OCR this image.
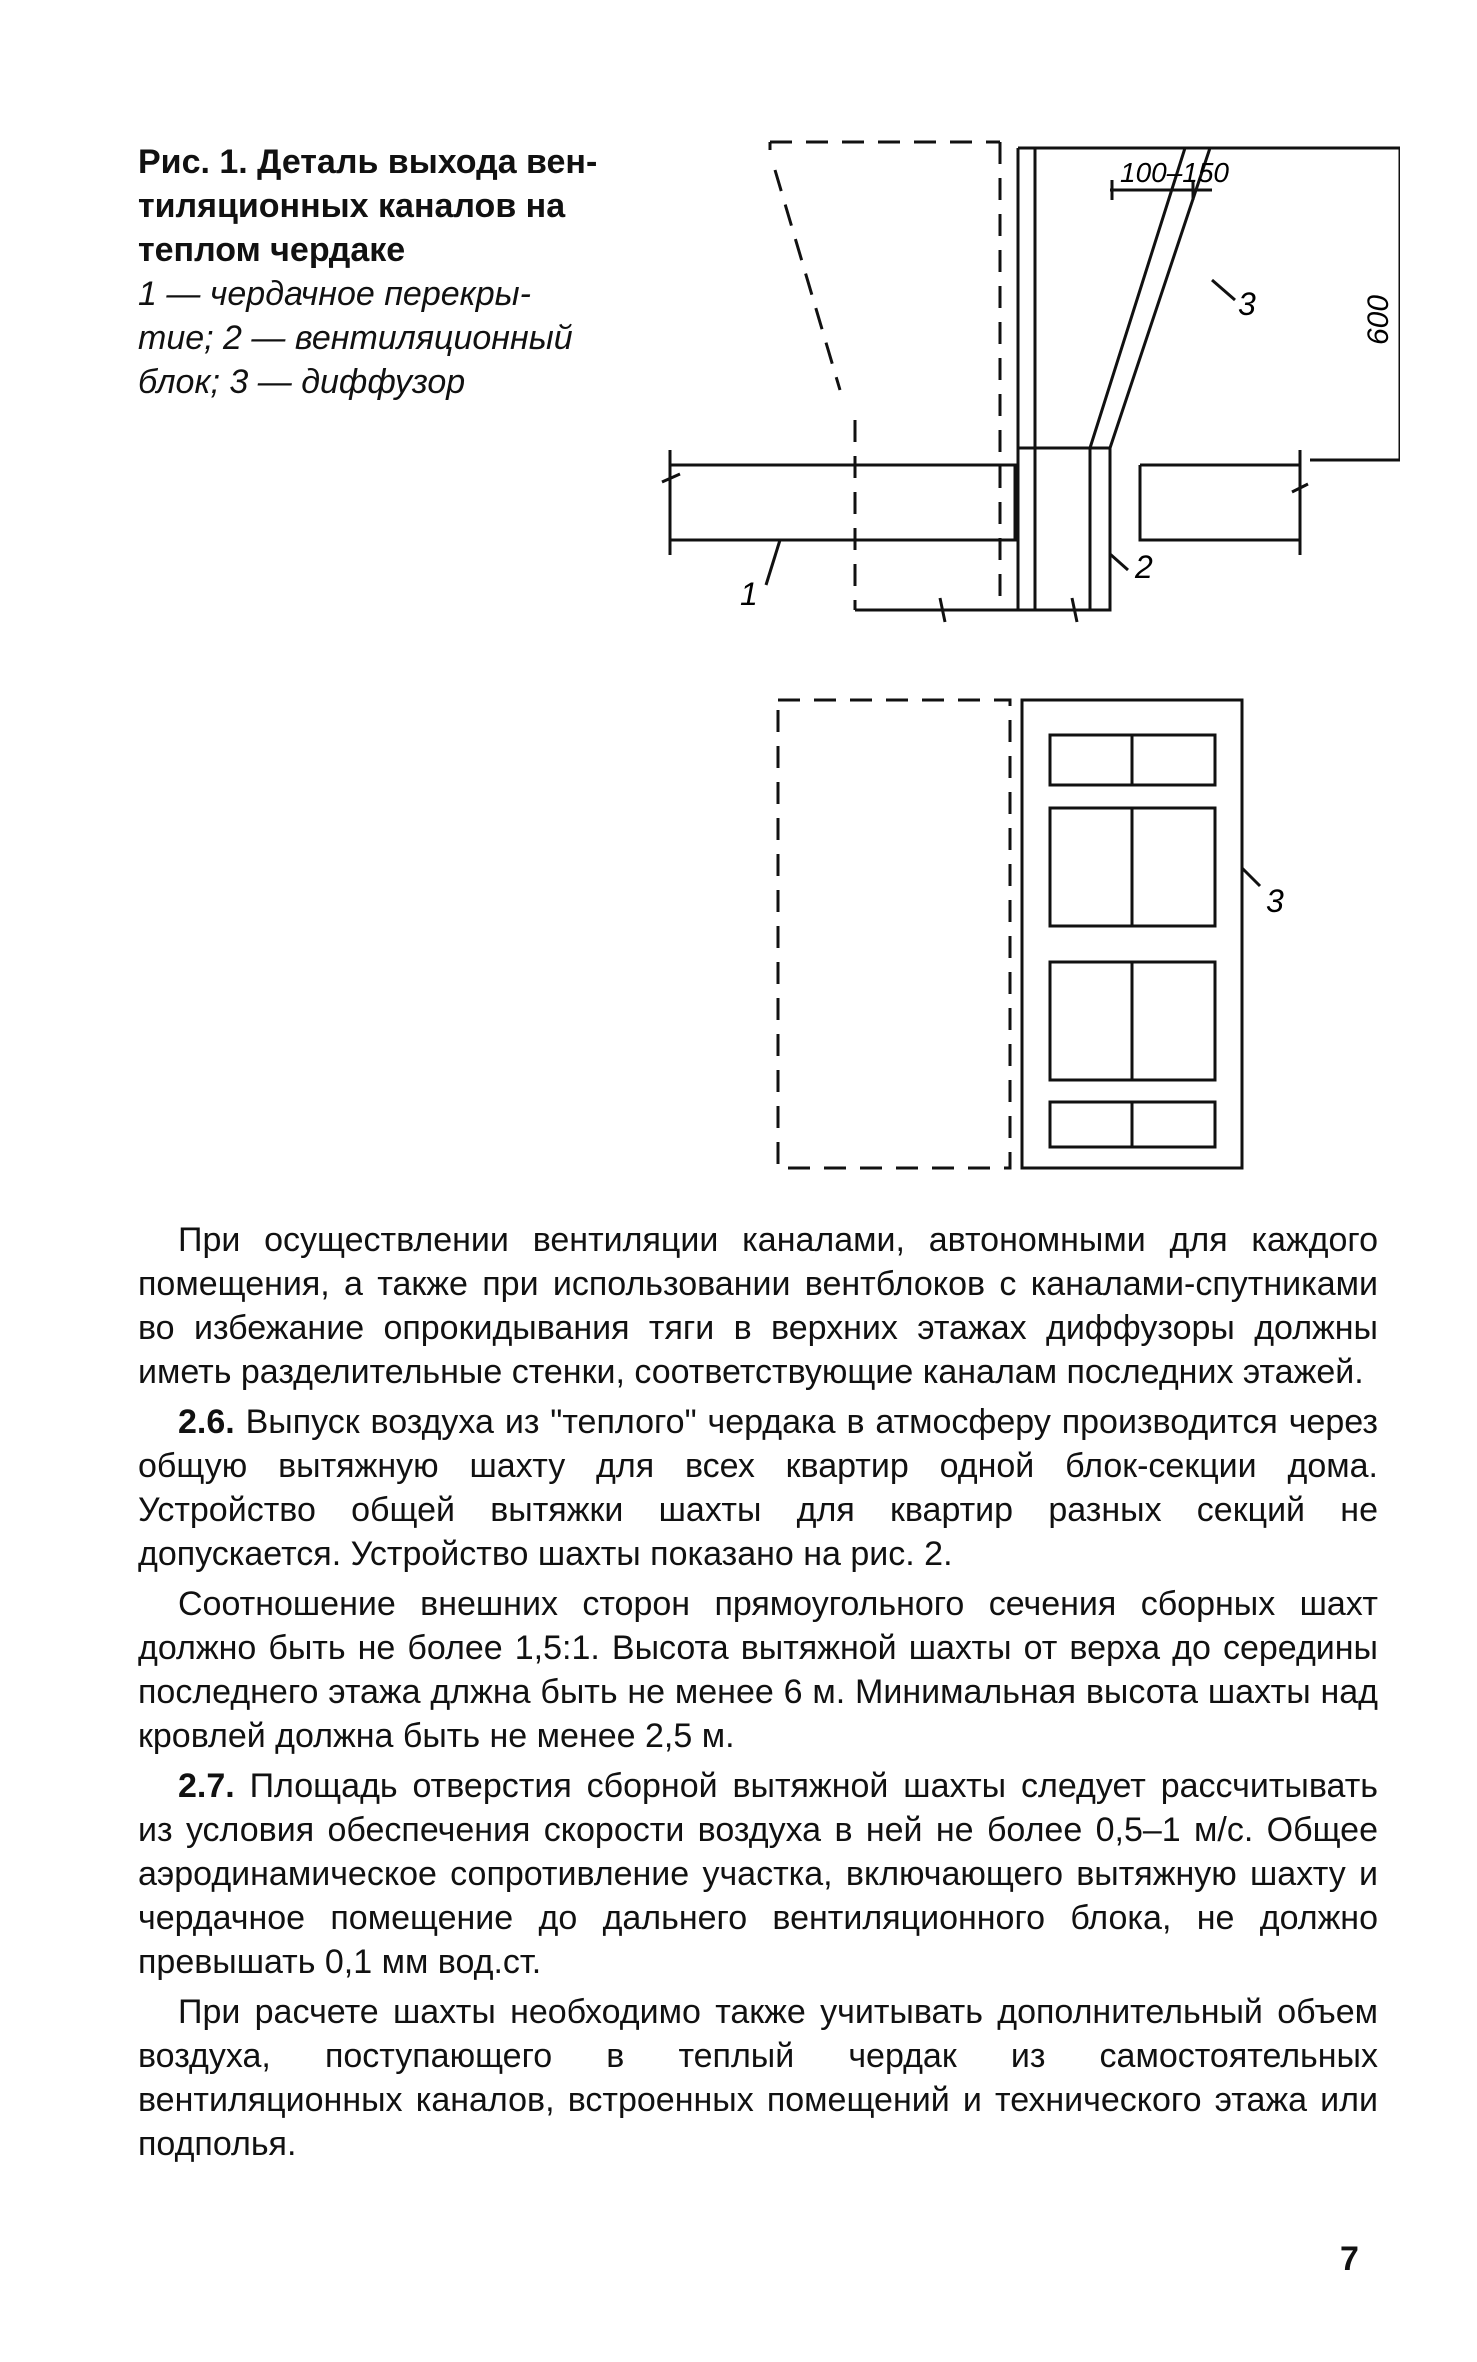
Рис. 1. Деталь выхода вен-
тиляционных каналов на
теплом чердаке
1 — чердачное перекры-
тие; 2 — вентиляционный
блок; 3 — диффузор
100–150
600
1
2
3
3

При осуществлении вентиляции каналами, автономными для каждого помещения, а также при использовании вентблоков с каналами-спутниками во избежание опрокидывания тяги в верхних этажах диффузоры должны иметь разделительные стенки, соответствующие каналам последних этажей.

2.6. Выпуск воздуха из "теплого" чердака в атмосферу производится через общую вытяжную шахту для всех квартир одной блок-секции дома. Устройство общей вытяжки шахты для квартир разных секций не допускается. Устройство шахты показано на рис. 2.

Соотношение внешних сторон прямоугольного сечения сборных шахт должно быть не более 1,5:1. Высота вытяжной шахты от верха до середины последнего этажа длжна быть не менее 6 м. Минимальная высота шахты над кровлей должна быть не менее 2,5 м.

2.7. Площадь отверстия сборной вытяжной шахты следует рассчитывать из условия обеспечения скорости воздуха в ней не более 0,5–1 м/с. Общее аэродинамическое сопротивление участка, включающего вытяжную шахту и чердачное помещение до дальнего вентиляционного блока, не должно превышать 0,1 мм вод.ст.

При расчете шахты необходимо также учитывать дополнительный объем воздуха, поступающего в теплый чердак из самостоятельных вентиляционных каналов, встроенных помещений и технического этажа или подполья.

7
